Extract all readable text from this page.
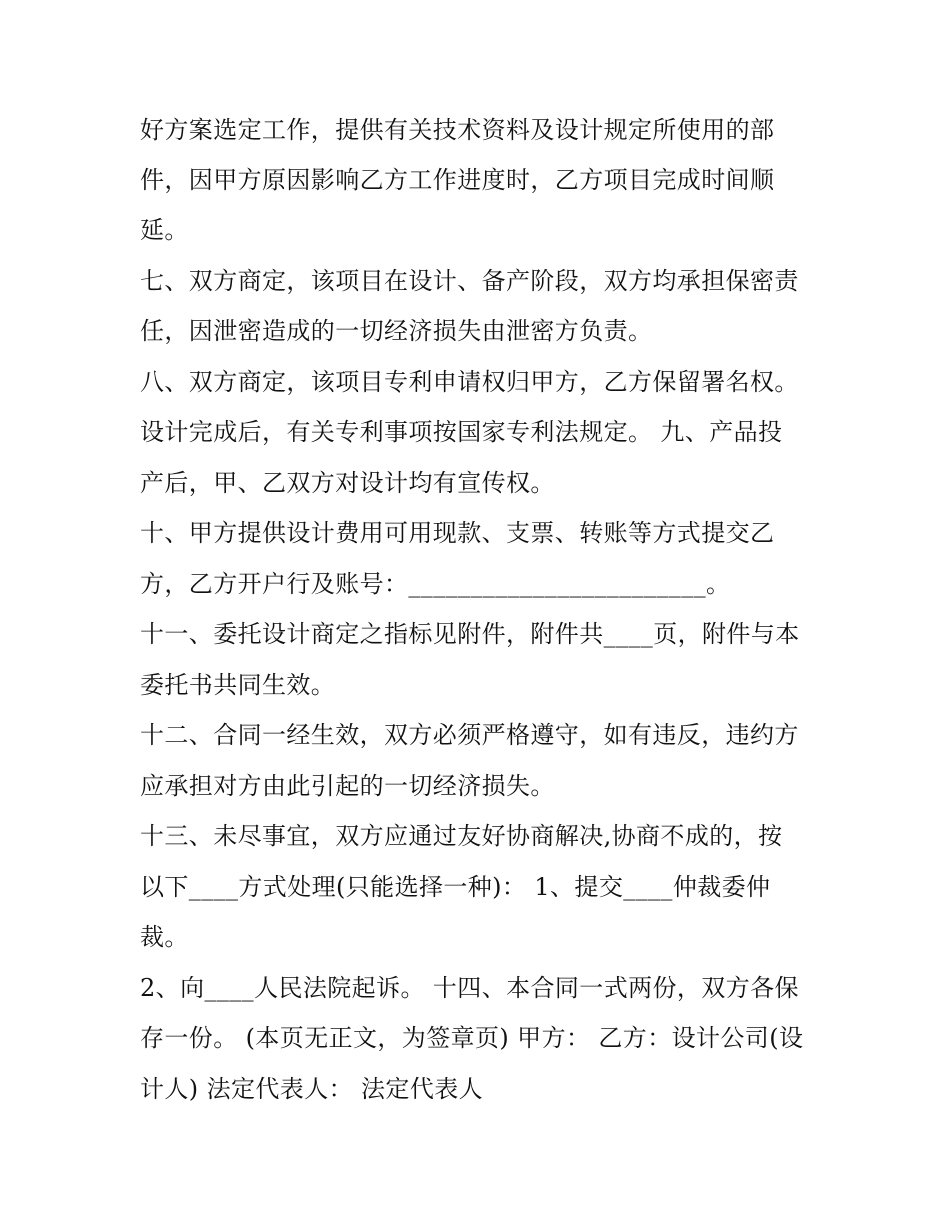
好方案选定工作，提供有关技术资料及设计规定所使用的部
件，因甲方原因影响乙方工作进度时，乙方项目完成时间顺
延。
七、双方商定，该项目在设计、备产阶段，双方均承担保密责
任，因泄密造成的一切经济损失由泄密方负责。
八、双方商定，该项目专利申请权归甲方，乙方保留署名权。
设计完成后，有关专利事项按国家专利法规定。 九、产品投
产后，甲、乙双方对设计均有宣传权。
十、甲方提供设计费用可用现款、支票、转账等方式提交乙
方，乙方开户行及账号：________________________。
十一、委托设计商定之指标见附件，附件共____页，附件与本
委托书共同生效。
十二、合同一经生效，双方必须严格遵守，如有违反，违约方
应承担对方由此引起的一切经济损失。
十三、未尽事宜，双方应通过友好协商解决,协商不成的，按
以下____方式处理(只能选择一种)： 1、提交____仲裁委仲
裁。
2、向____人民法院起诉。 十四、本合同一式两份，双方各保
存一份。 (本页无正文，为签章页) 甲方： 乙方：设计公司(设
计人) 法定代表人： 法定代表人
